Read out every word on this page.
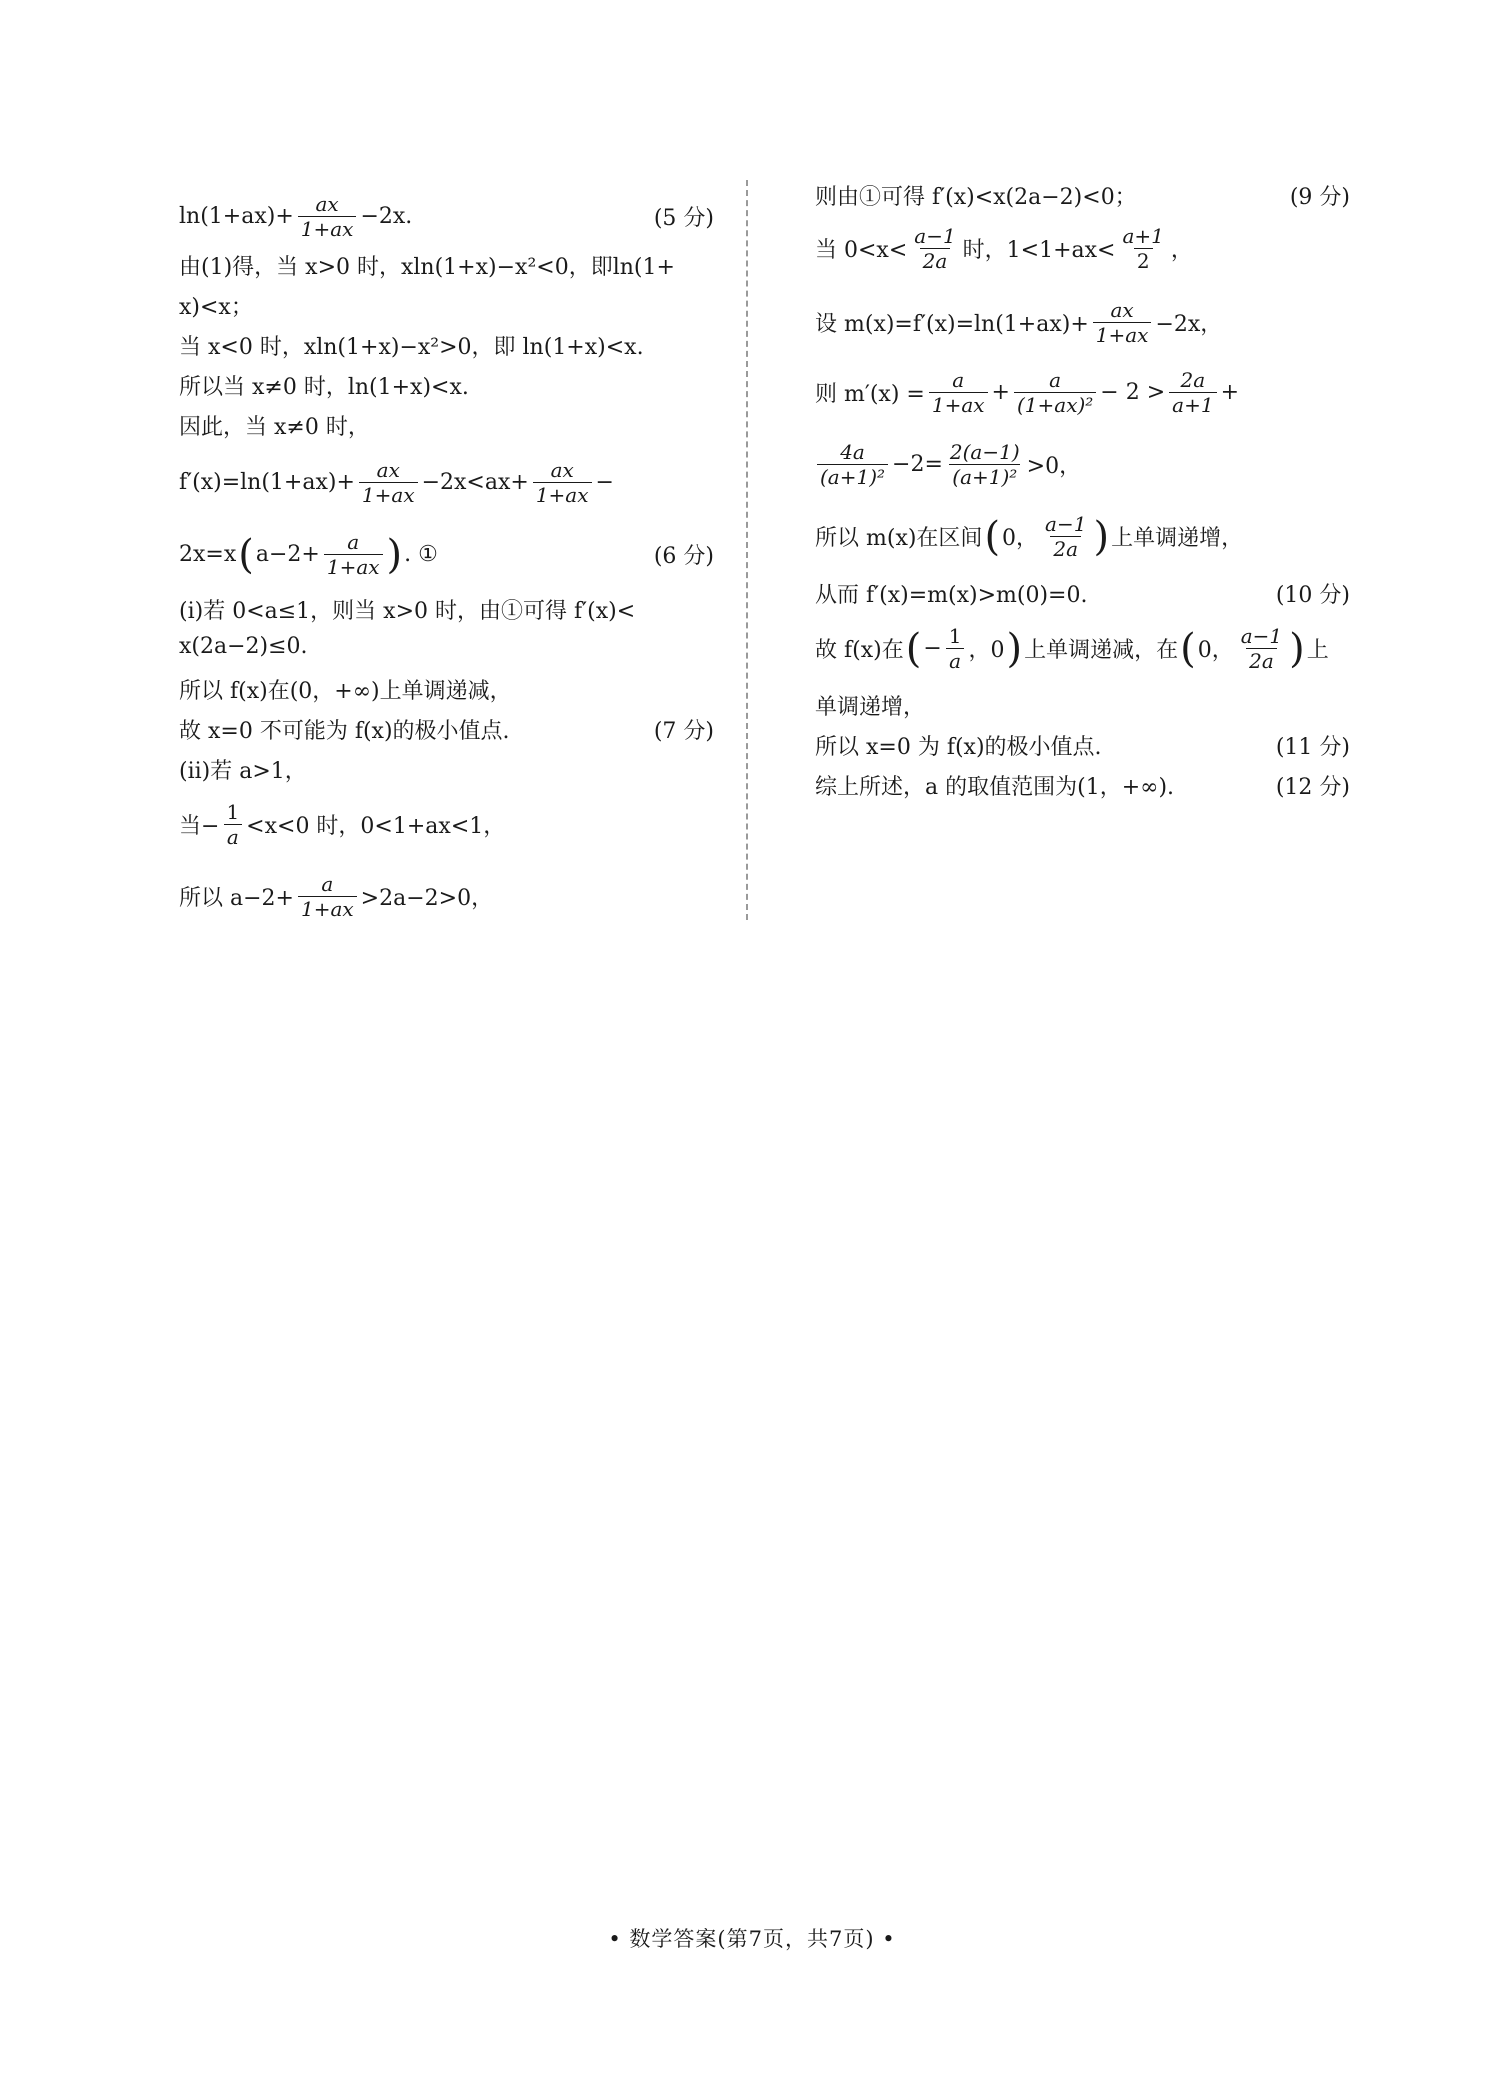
$\ln(1+ax)+ \frac{ax}{1+ax} -2x$.	(5 分)
由(1)得，当 x>0 时，xln(1+x)−x²<0，即ln(1+
x)<x；
当 x<0 时，xln(1+x)−x²>0，即 ln(1+x)<x.
所以当 x≠0 时，ln(1+x)<x.
因此，当 x≠0 时，
$f'(x)=\ln(1+ax)+ \frac{ax}{1+ax} -2x<ax+ \frac{ax}{1+ax}$ −
2x=x ( $a-2+ \frac{a}{1+ax}$ ) . ①	(6 分)
(i)若 0<a≤1，则当 x>0 时，由①可得 f′(x)<
x(2a−2)≤0.
所以 f(x)在(0，+∞)上单调递减，
故 x=0 不可能为 f(x)的极小值点.	(7 分)
(ii)若 a>1，
当− $\frac{1}{a} <x<0$ 时，0<1+ax<1，
所以 $a-2+ \frac{a}{1+ax} >2a-2>0$，
则由①可得 f′(x)<x(2a−2)<0；	(9 分)
当 $0<x< \frac{a-1}{2a}$ 时，$1<1+ax< \frac{a+1}{2}$ ，
设 $m(x)=f'(x)=\ln(1+ax)+ \frac{ax}{1+ax} -2x$，
则 $m'(x) = \frac{a}{1+ax} + \frac{a}{\text{(1+ax)²}} - 2 > \frac{2a}{a+1}$ +
$\frac{4a}{\text{(a+1)²}} -2= \frac{2(a-1)}{\text{(a+1)²}} >0$，
所以 m(x)在区间 ( 0， $\frac{a-1}{2a}$ ) 上单调递增，
从而 f′(x)=m(x)>m(0)=0.	(10 分)
故 f(x)在 ( − $\frac{1}{a}$ ，0 ) 上单调递减，在 ( 0， $\frac{a-1}{2a}$ ) 上
单调递增，
所以 x=0 为 f(x)的极小值点.	(11 分)
综上所述，a 的取值范围为(1，+∞).	(12 分)
• 数学答案(第7页，共7页) •
